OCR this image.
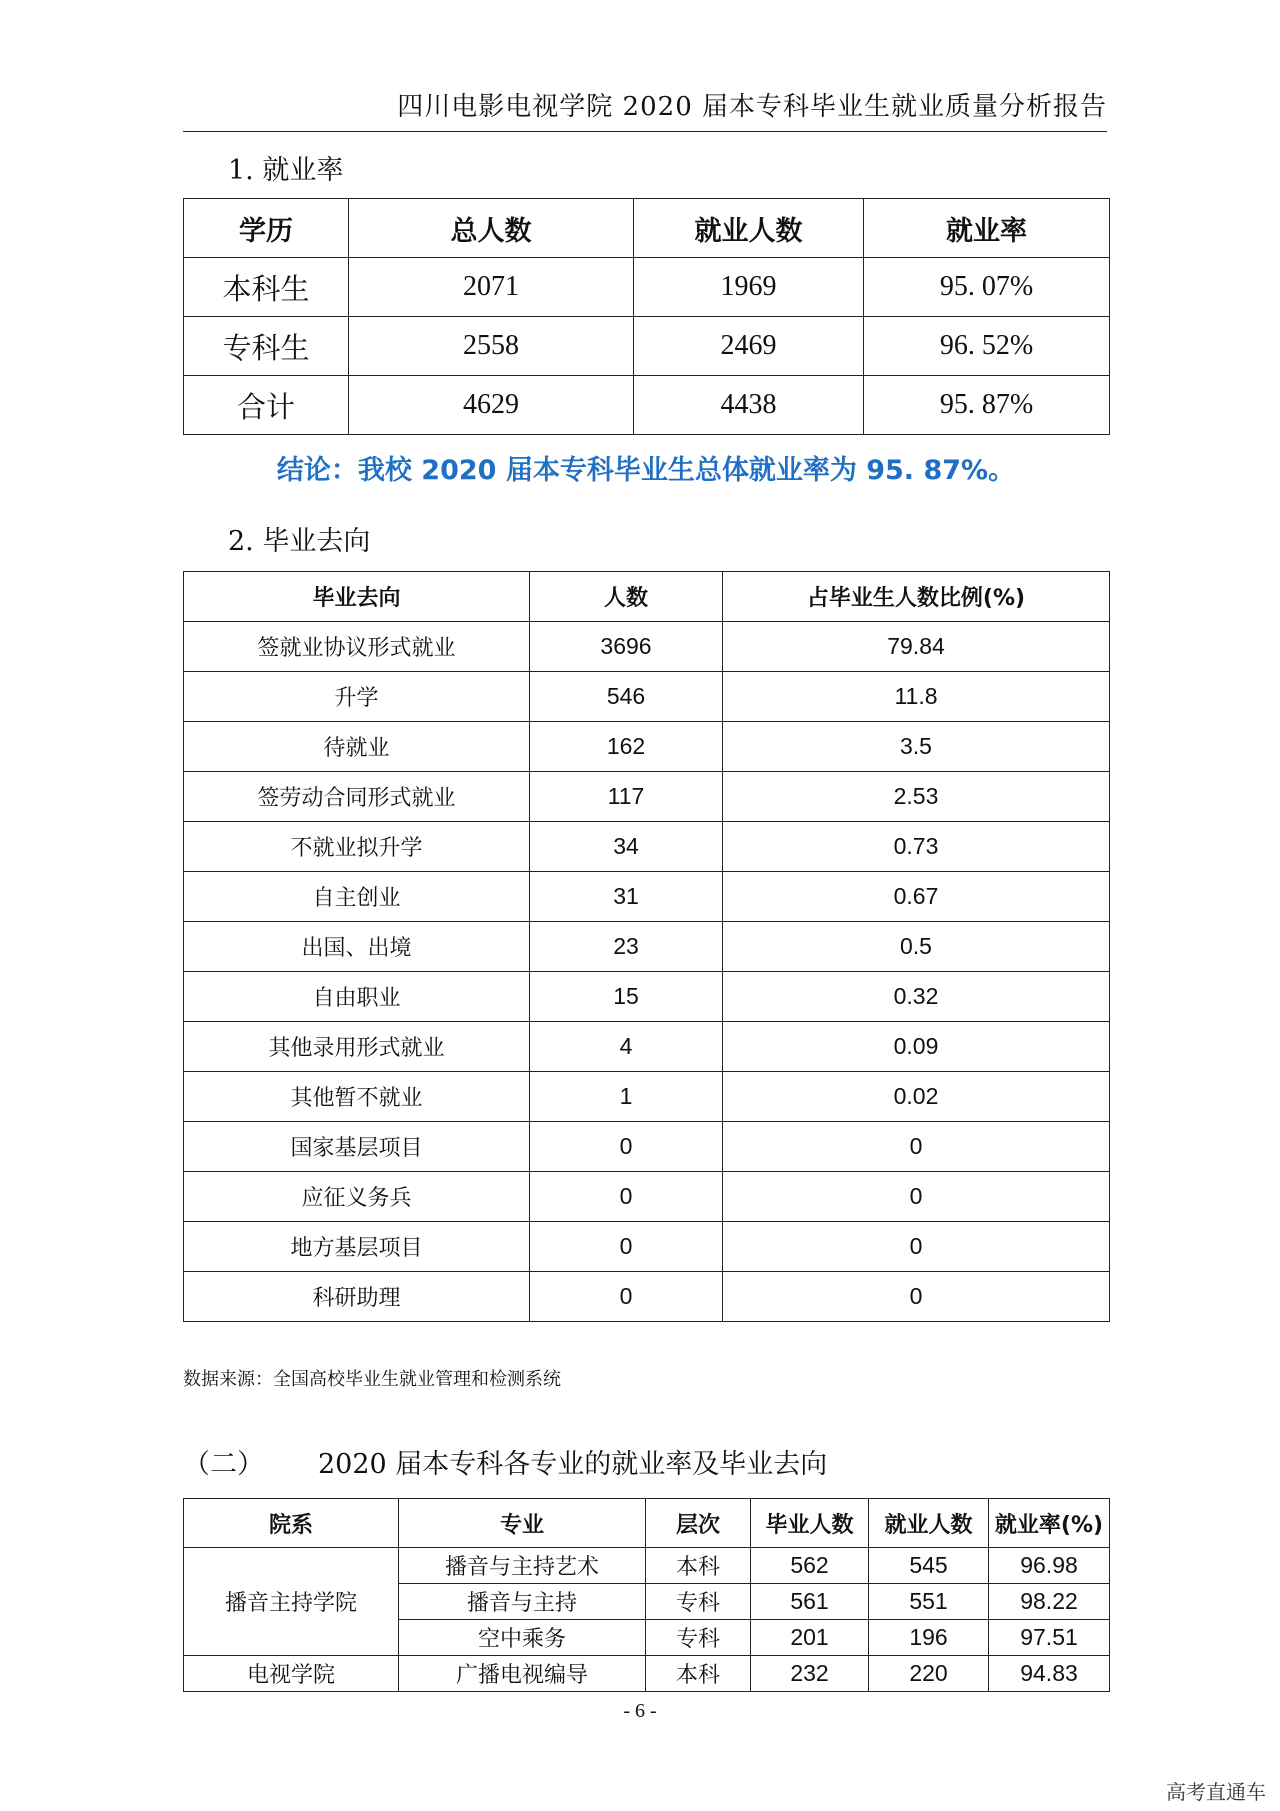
四川电影电视学院 2020 届本专科毕业生就业质量分析报告
1. 就业率
学历	总人数	就业人数	就业率
本科生	2071	1969	95. 07%
专科生	2558	2469	96. 52%
合计	4629	4438	95. 87%
结论：我校 2020 届本专科毕业生总体就业率为 95. 87%。
2. 毕业去向
毕业去向	人数	占毕业生人数比例(%)
签就业协议形式就业	3696	79.84
升学	546	11.8
待就业	162	3.5
签劳动合同形式就业	117	2.53
不就业拟升学	34	0.73
自主创业	31	0.67
出国、出境	23	0.5
自由职业	15	0.32
其他录用形式就业	4	0.09
其他暂不就业	1	0.02
国家基层项目	0	0
应征义务兵	0	0
地方基层项目	0	0
科研助理	0	0
数据来源：全国高校毕业生就业管理和检测系统
（二） 2020 届本专科各专业的就业率及毕业去向
院系	专业	层次	毕业人数	就业人数	就业率(%)
播音主持学院	播音与主持艺术	本科	562	545	96.98
	播音与主持	专科	561	551	98.22
	空中乘务	专科	201	196	97.51
电视学院	广播电视编导	本科	232	220	94.83
- 6 -
高考直通车
